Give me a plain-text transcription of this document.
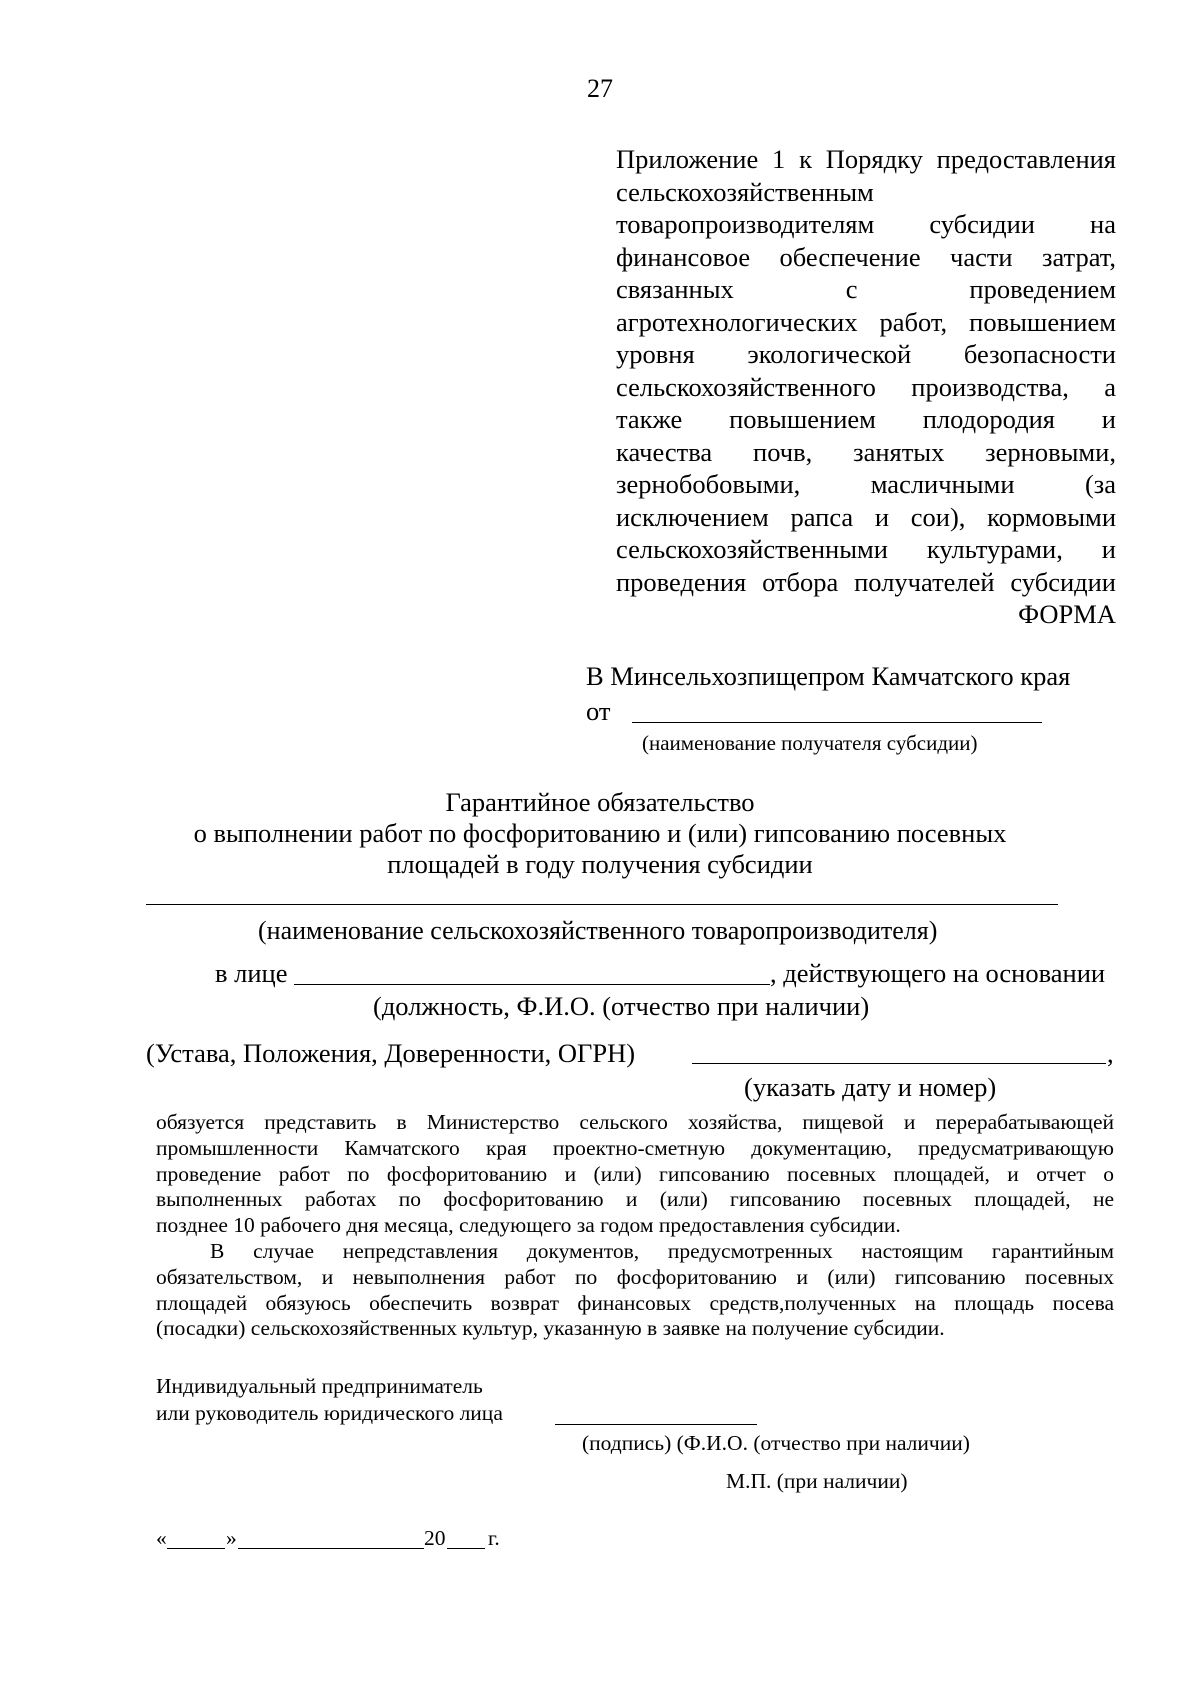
27
Приложение 1 к Порядку предоставления
сельскохозяйственным
товаропроизводителям субсидии на
финансовое обеспечение части затрат,
связанных с проведением
агротехнологических работ, повышением
уровня экологической безопасности
сельскохозяйственного производства, а
также повышением плодородия и
качества почв, занятых зерновыми,
зернобобовыми, масличными (за
исключением рапса и сои), кормовыми
сельскохозяйственными культурами, и
проведения отбора получателей субсидии
ФОРМА
В Минсельхозпищепром Камчатского края
от
(наименование получателя субсидии)
Гарантийное обязательство
о выполнении работ по фосфоритованию и (или) гипсованию посевных
площадей в году получения субсидии
(наименование сельскохозяйственного товаропроизводителя)
в лице	, действующего на основании
(должность, Ф.И.О. (отчество при наличии)
(Устава, Положения, Доверенности, ОГРН)	,
(указать дату и номер)
обязуется представить в Министерство сельского хозяйства, пищевой и перерабатывающей
промышленности Камчатского края проектно-сметную документацию, предусматривающую
проведение работ по фосфоритованию и (или) гипсованию посевных площадей, и отчет о
выполненных работах по фосфоритованию и (или) гипсованию посевных площадей, не
позднее 10 рабочего дня месяца, следующего за годом предоставления субсидии.
В случае непредставления документов, предусмотренных настоящим гарантийным
обязательством, и невыполнения работ по фосфоритованию и (или) гипсованию посевных
площадей обязуюсь обеспечить возврат финансовых средств,полученных на площадь посева
(посадки) сельскохозяйственных культур, указанную в заявке на получение субсидии.
Индивидуальный предприниматель
или руководитель юридического лица
(подпись) (Ф.И.О. (отчество при наличии)
М.П. (при наличии)
«	»	20 г.
